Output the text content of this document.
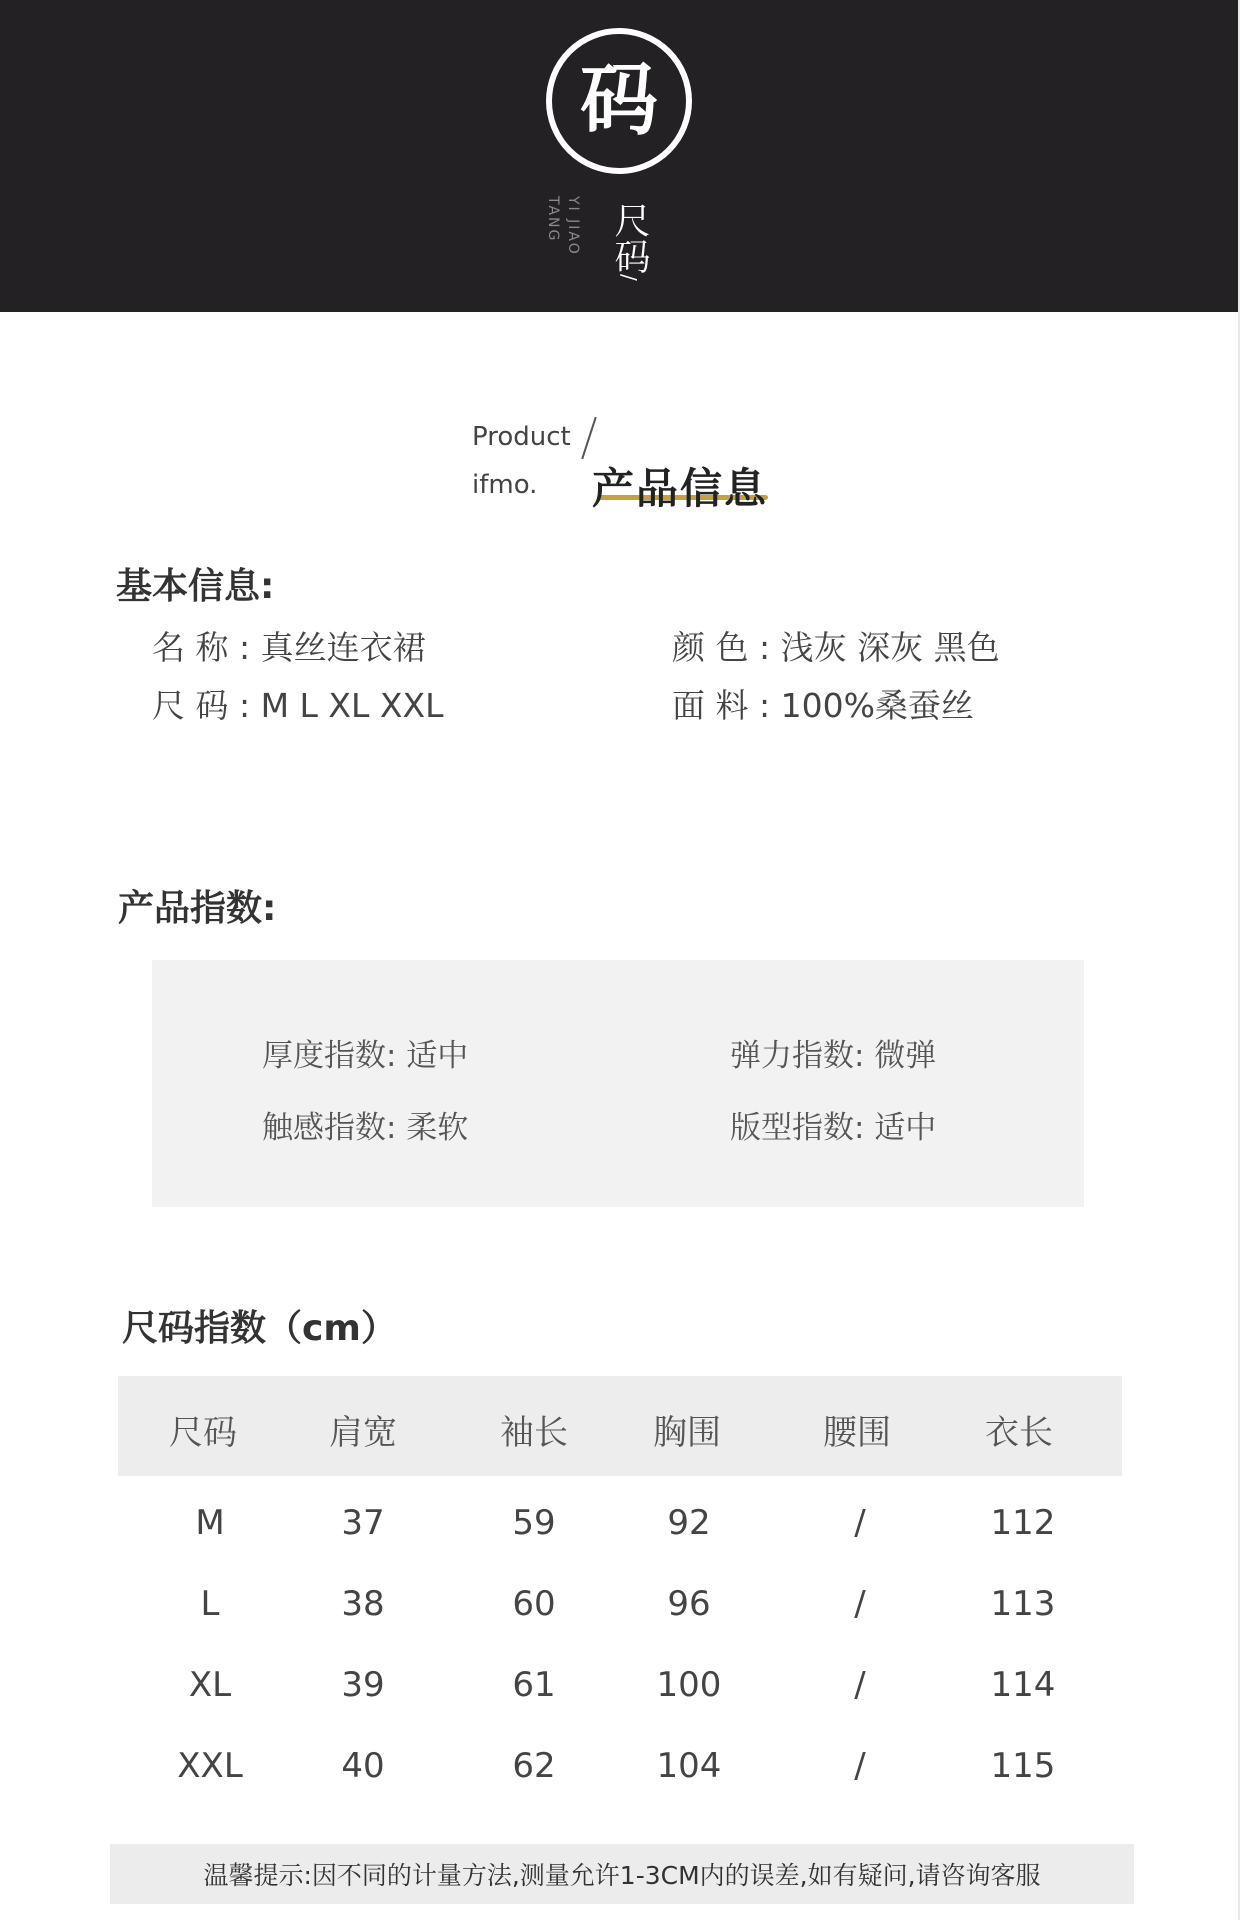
码
TANG YI JIAO 尺码/
Product
ifmo. 产品信息
基本信息:
名 称 : 真丝连衣裙
尺 码 : M L XL XXL
颜 色 : 浅灰 深灰 黑色
面 料 : 100%桑蚕丝
产品指数:
厚度指数: 适中	弹力指数: 微弹
触感指数: 柔软	版型指数: 适中
尺码指数（cm）
尺码	肩宽	袖长	胸围	腰围	衣长
M	37	59	92	/	112
L	38	60	96	/	113
XL	39	61	100	/	114
XXL	40	62	104	/	115
温馨提示:因不同的计量方法,测量允许1-3CM内的误差,如有疑问,请咨询客服
